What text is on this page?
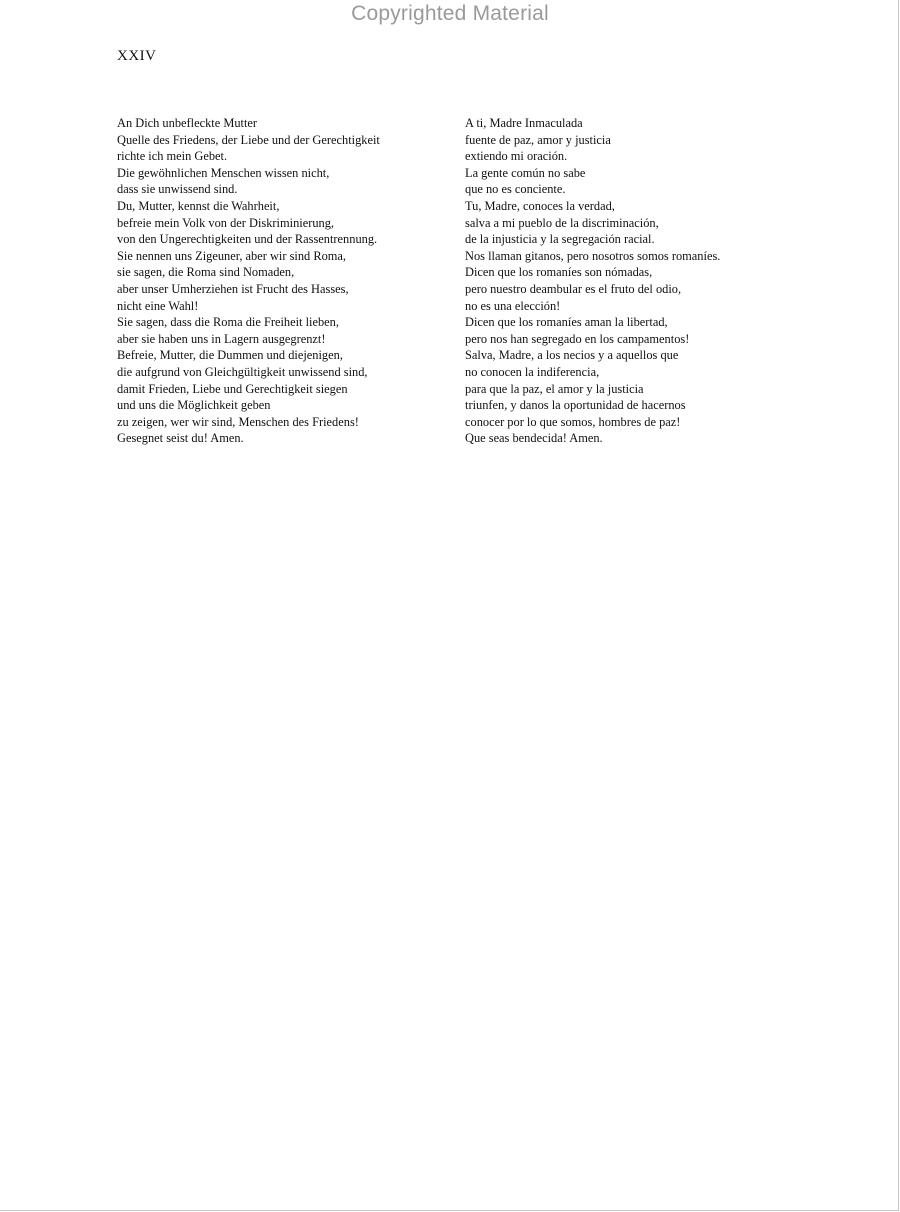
Copyrighted Material
XXIV
An Dich unbefleckte Mutter
Quelle des Friedens, der Liebe und der Gerechtigkeit
richte ich mein Gebet.
Die gewöhnlichen Menschen wissen nicht,
dass sie unwissend sind.
Du, Mutter, kennst die Wahrheit,
befreie mein Volk von der Diskriminierung,
von den Ungerechtigkeiten und der Rassentrennung.
Sie nennen uns Zigeuner, aber wir sind Roma,
sie sagen, die Roma sind Nomaden,
aber unser Umherziehen ist Frucht des Hasses,
nicht eine Wahl!
Sie sagen, dass die Roma die Freiheit lieben,
aber sie haben uns in Lagern ausgegrenzt!
Befreie, Mutter, die Dummen und diejenigen,
die aufgrund von Gleichgültigkeit unwissend sind,
damit Frieden, Liebe und Gerechtigkeit siegen
und uns die Möglichkeit geben
zu zeigen, wer wir sind, Menschen des Friedens!
Gesegnet seist du! Amen.
A ti, Madre Inmaculada
fuente de paz, amor y justicia
extiendo mi oración.
La gente común no sabe
que no es conciente.
Tu, Madre, conoces la verdad,
salva a mi pueblo de la discriminación,
de la injusticia y la segregación racial.
Nos llaman gitanos, pero nosotros somos romaníes.
Dicen que los romaníes son nómadas,
pero nuestro deambular es el fruto del odio,
no es una elección!
Dicen que los romaníes aman la libertad,
pero nos han segregado en los campamentos!
Salva, Madre, a los necios y a aquellos que
no conocen la indiferencia,
para que la paz, el amor y la justicia
triunfen, y danos la oportunidad de hacernos
conocer por lo que somos, hombres de paz!
Que seas bendecida! Amen.
